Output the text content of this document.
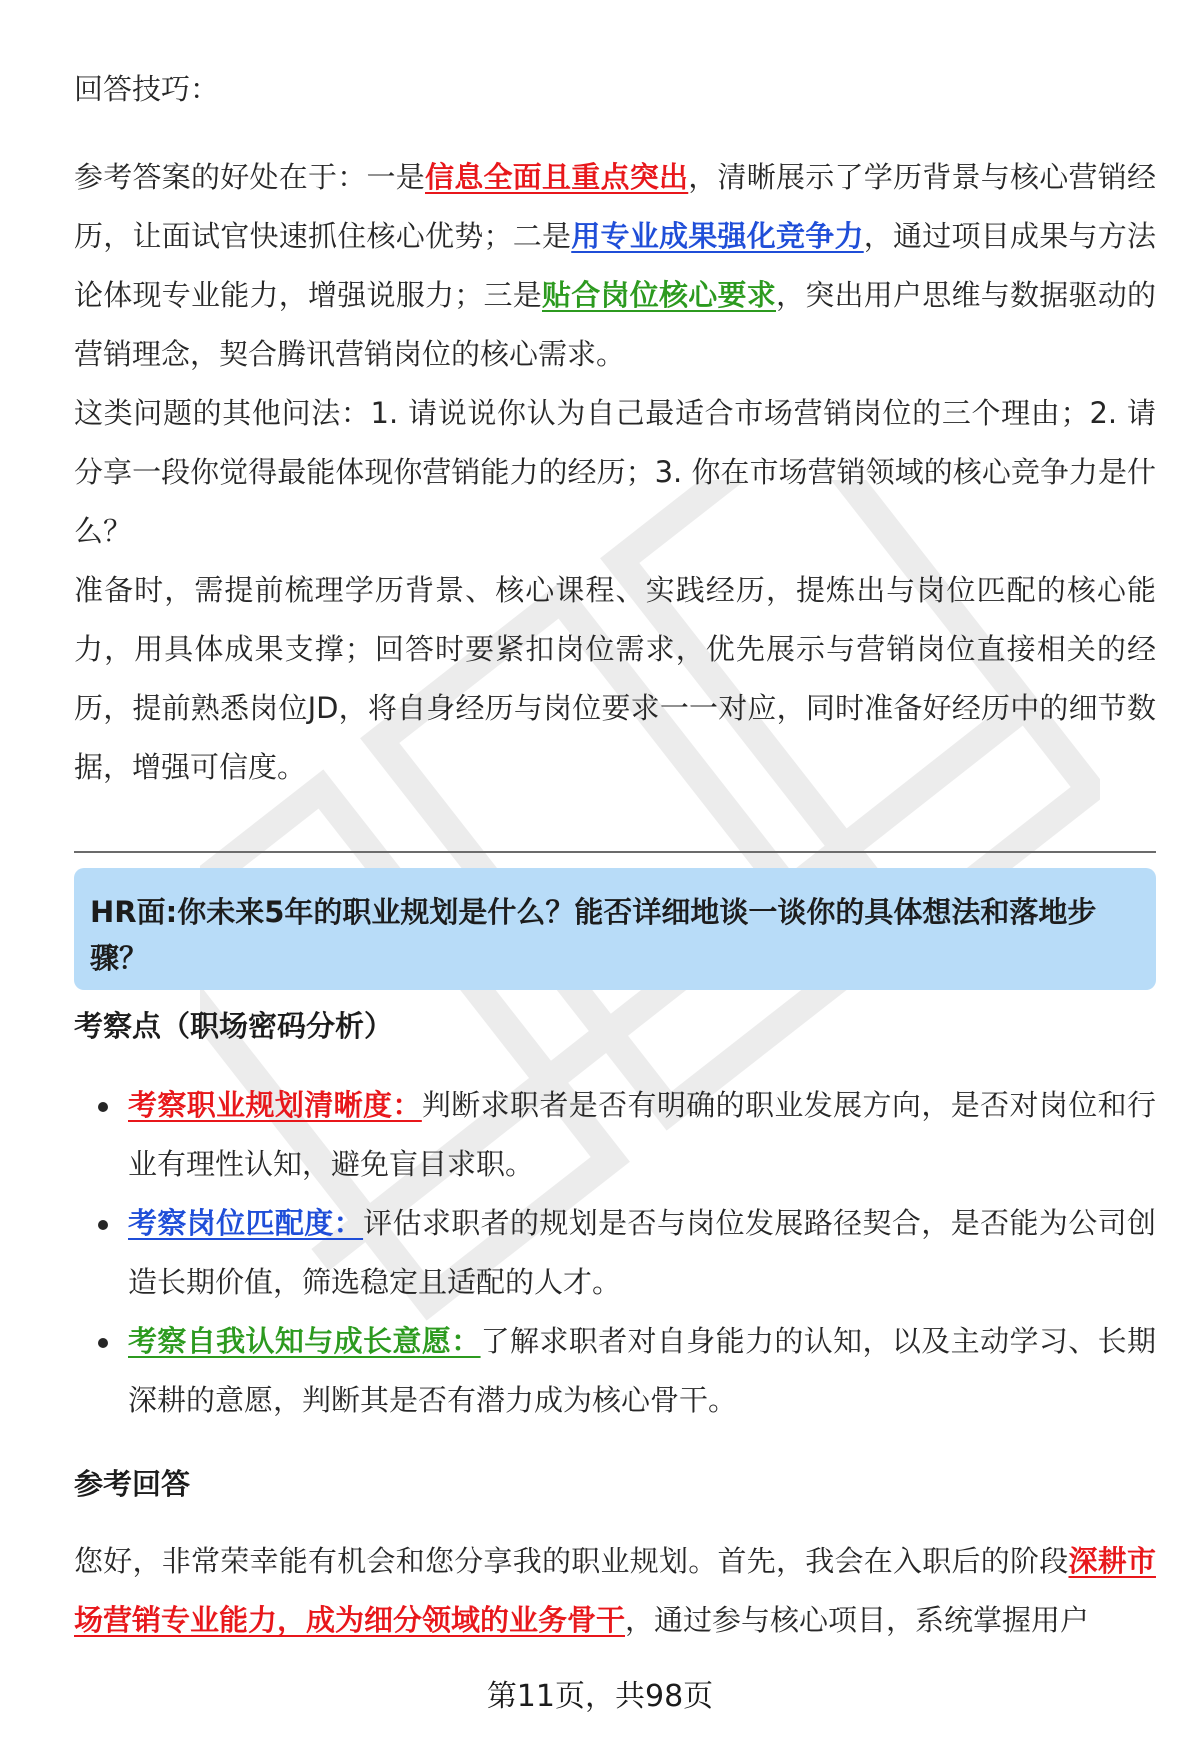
回答技巧：

参考答案的好处在于：一是信息全面且重点突出，清晰展示了学历背景与核心营销经历，让面试官快速抓住核心优势；二是用专业成果强化竞争力，通过项目成果与方法论体现专业能力，增强说服力；三是贴合岗位核心要求，突出用户思维与数据驱动的营销理念，契合腾讯营销岗位的核心需求。

这类问题的其他问法：1. 请说说你认为自己最适合市场营销岗位的三个理由；2. 请分享一段你觉得最能体现你营销能力的经历；3. 你在市场营销领域的核心竞争力是什么？

准备时，需提前梳理学历背景、核心课程、实践经历，提炼出与岗位匹配的核心能力，用具体成果支撑；回答时要紧扣岗位需求，优先展示与营销岗位直接相关的经历，提前熟悉岗位JD，将自身经历与岗位要求一一对应，同时准备好经历中的细节数据，增强可信度。

HR面:你未来5年的职业规划是什么？能否详细地谈一谈你的具体想法和落地步骤？

考察点（职场密码分析）

考察职业规划清晰度：判断求职者是否有明确的职业发展方向，是否对岗位和行业有理性认知，避免盲目求职。
考察岗位匹配度：评估求职者的规划是否与岗位发展路径契合，是否能为公司创造长期价值，筛选稳定且适配的人才。
考察自我认知与成长意愿：了解求职者对自身能力的认知，以及主动学习、长期深耕的意愿，判断其是否有潜力成为核心骨干。

参考回答

您好，非常荣幸能有机会和您分享我的职业规划。首先，我会在入职后的阶段深耕市场营销专业能力，成为细分领域的业务骨干，通过参与核心项目，系统掌握用户

第11页，共98页
